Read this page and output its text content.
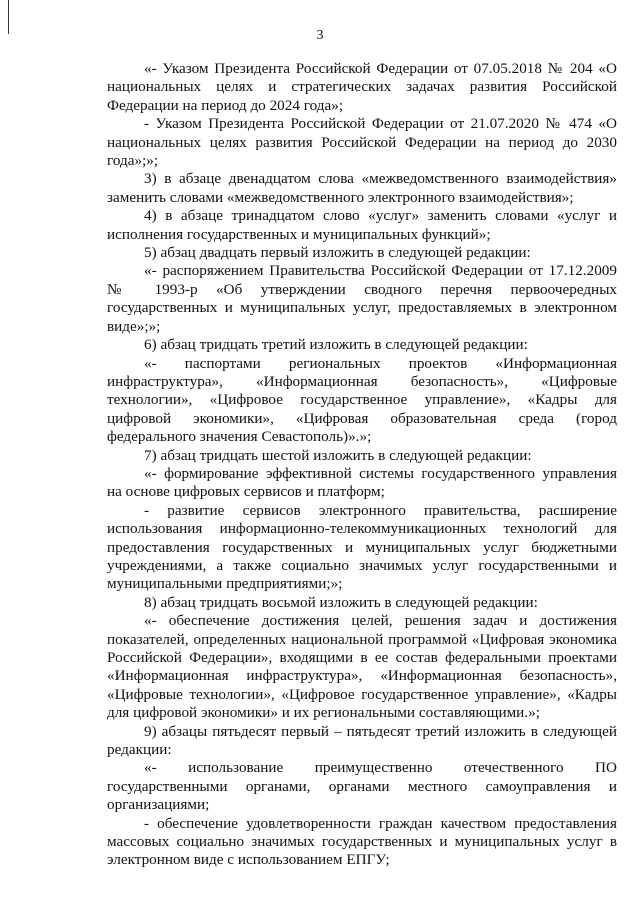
3

«- Указом Президента Российской Федерации от 07.05.2018 № 204 «О национальных целях и стратегических задачах развития Российской Федерации на период до 2024 года»;

- Указом Президента Российской Федерации от 21.07.2020 № 474 «О национальных целях развития Российской Федерации на период до 2030 года»;»;

3) в абзаце двенадцатом слова «межведомственного взаимодействия» заменить словами «межведомственного электронного взаимодействия»;

4) в абзаце тринадцатом слово «услуг» заменить словами «услуг и исполнения государственных и муниципальных функций»;

5) абзац двадцать первый изложить в следующей редакции:

«- распоряжением Правительства Российской Федерации от 17.12.2009 № 1993-р «Об утверждении сводного перечня первоочередных государственных и муниципальных услуг, предоставляемых в электронном виде»;»;

6) абзац тридцать третий изложить в следующей редакции:

«- паспортами региональных проектов «Информационная инфраструктура», «Информационная безопасность», «Цифровые технологии», «Цифровое государственное управление», «Кадры для цифровой экономики», «Цифровая образовательная среда (город федерального значения Севастополь)».»;

7) абзац тридцать шестой изложить в следующей редакции:

«- формирование эффективной системы государственного управления на основе цифровых сервисов и платформ;

- развитие сервисов электронного правительства, расширение использования информационно-телекоммуникационных технологий для предоставления государственных и муниципальных услуг бюджетными учреждениями, а также социально значимых услуг государственными и муниципальными предприятиями;»;

8) абзац тридцать восьмой изложить в следующей редакции:

«- обеспечение достижения целей, решения задач и достижения показателей, определенных национальной программой «Цифровая экономика Российской Федерации», входящими в ее состав федеральными проектами «Информационная инфраструктура», «Информационная безопасность», «Цифровые технологии», «Цифровое государственное управление», «Кадры для цифровой экономики» и их региональными составляющими.»;

9) абзацы пятьдесят первый – пятьдесят третий изложить в следующей редакции:

«- использование преимущественно отечественного ПО государственными органами, органами местного самоуправления и организациями;

- обеспечение удовлетворенности граждан качеством предоставления массовых социально значимых государственных и муниципальных услуг в электронном виде с использованием ЕПГУ;
